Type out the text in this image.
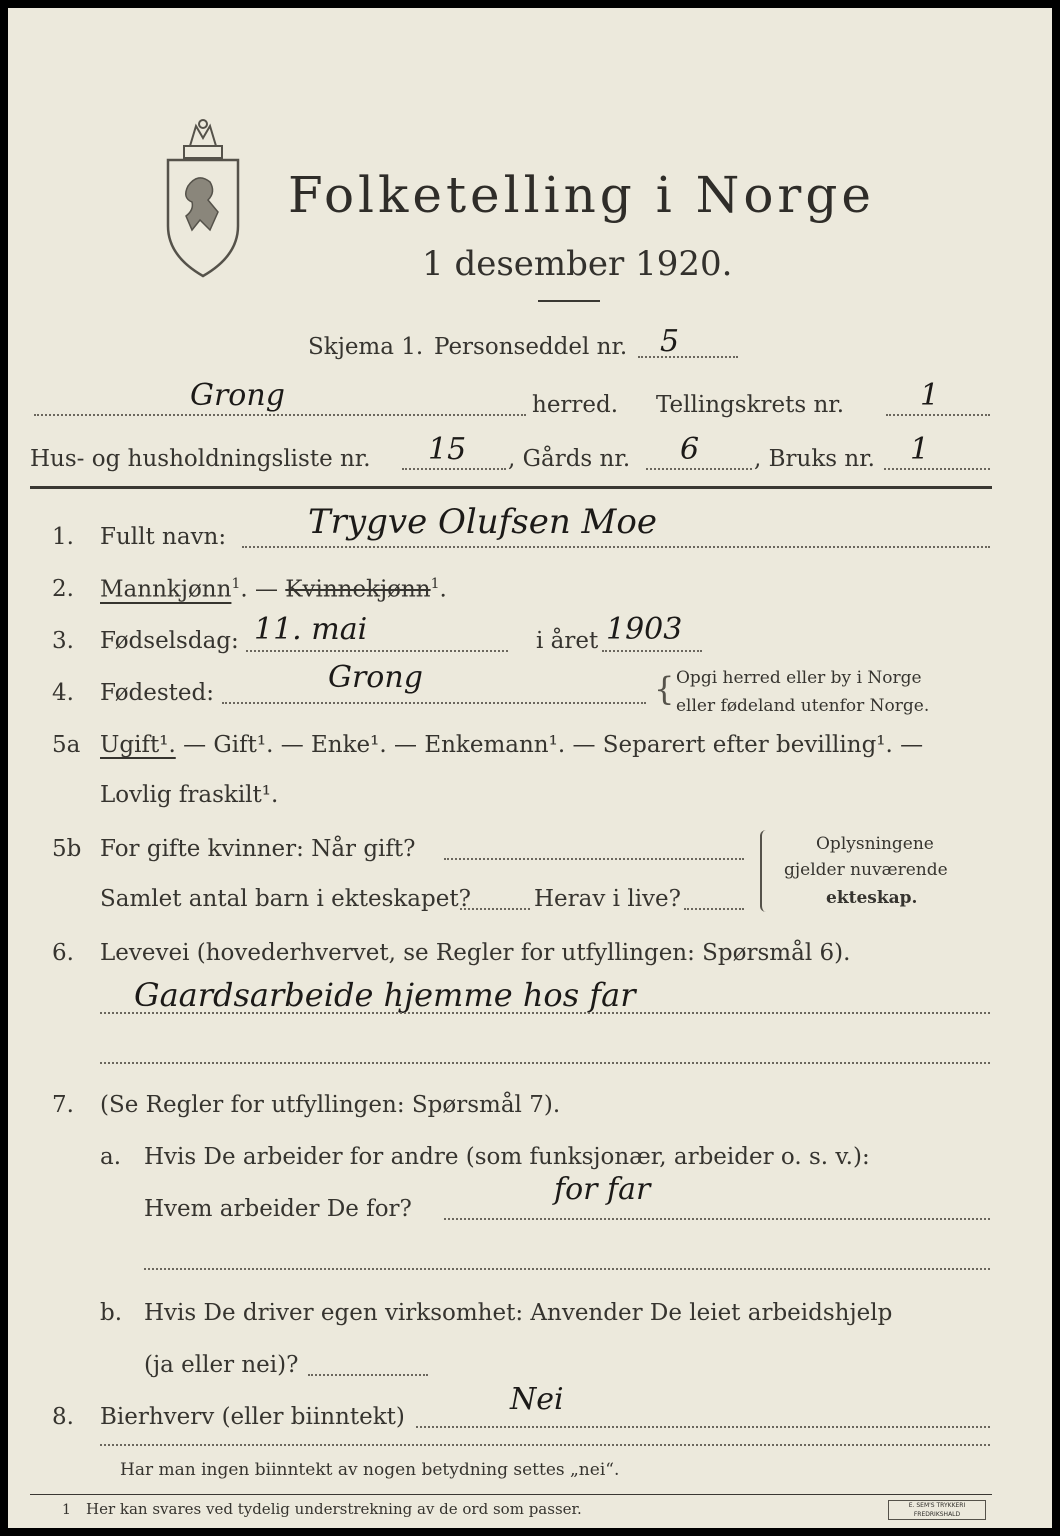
Folketelling i Norge
1 desember 1920.
Skjema 1. Personseddel nr. 5
Grong	herred. Tellingskrets nr.	1
Hus- og husholdningsliste nr. 15 , Gårds nr. 6 , Bruks nr. 1
1. Fullt navn: Trygve Olufsen Moe
2. Mannkjønn$^1$. — Kvinnekjønn$^1$.
3. Fødselsdag: 11. mai	i året 1903
4. Fødested:	Grong	{ Opgi herred eller by i Norge
eller fødeland utenfor Norge.
5a Ugift¹. — Gift¹. — Enke¹. — Enkemann¹. — Separert efter bevilling¹. —
Lovlig fraskilt¹.
5b For gifte kvinner: Når gift?
Samlet antal barn i ekteskapet?	Herav i live?
Oplysningene
gjelder nuværende
ekteskap.
6. Levevei (hovederhvervet, se Regler for utfyllingen: Spørsmål 6).
Gaardsarbeide hjemme hos far
7. (Se Regler for utfyllingen: Spørsmål 7).
a. Hvis De arbeider for andre (som funksjonær, arbeider o. s. v.):
Hvem arbeider De for?
for far
b. Hvis De driver egen virksomhet: Anvender De leiet arbeidshjelp
(ja eller nei)?
8. Bierhverv (eller biinntekt)	Nei
Har man ingen biinntekt av nogen betydning settes „nei“.
1 Her kan svares ved tydelig understrekning av de ord som passer.	E. SEM'S TRYKKERI FREDRIKSHALD
